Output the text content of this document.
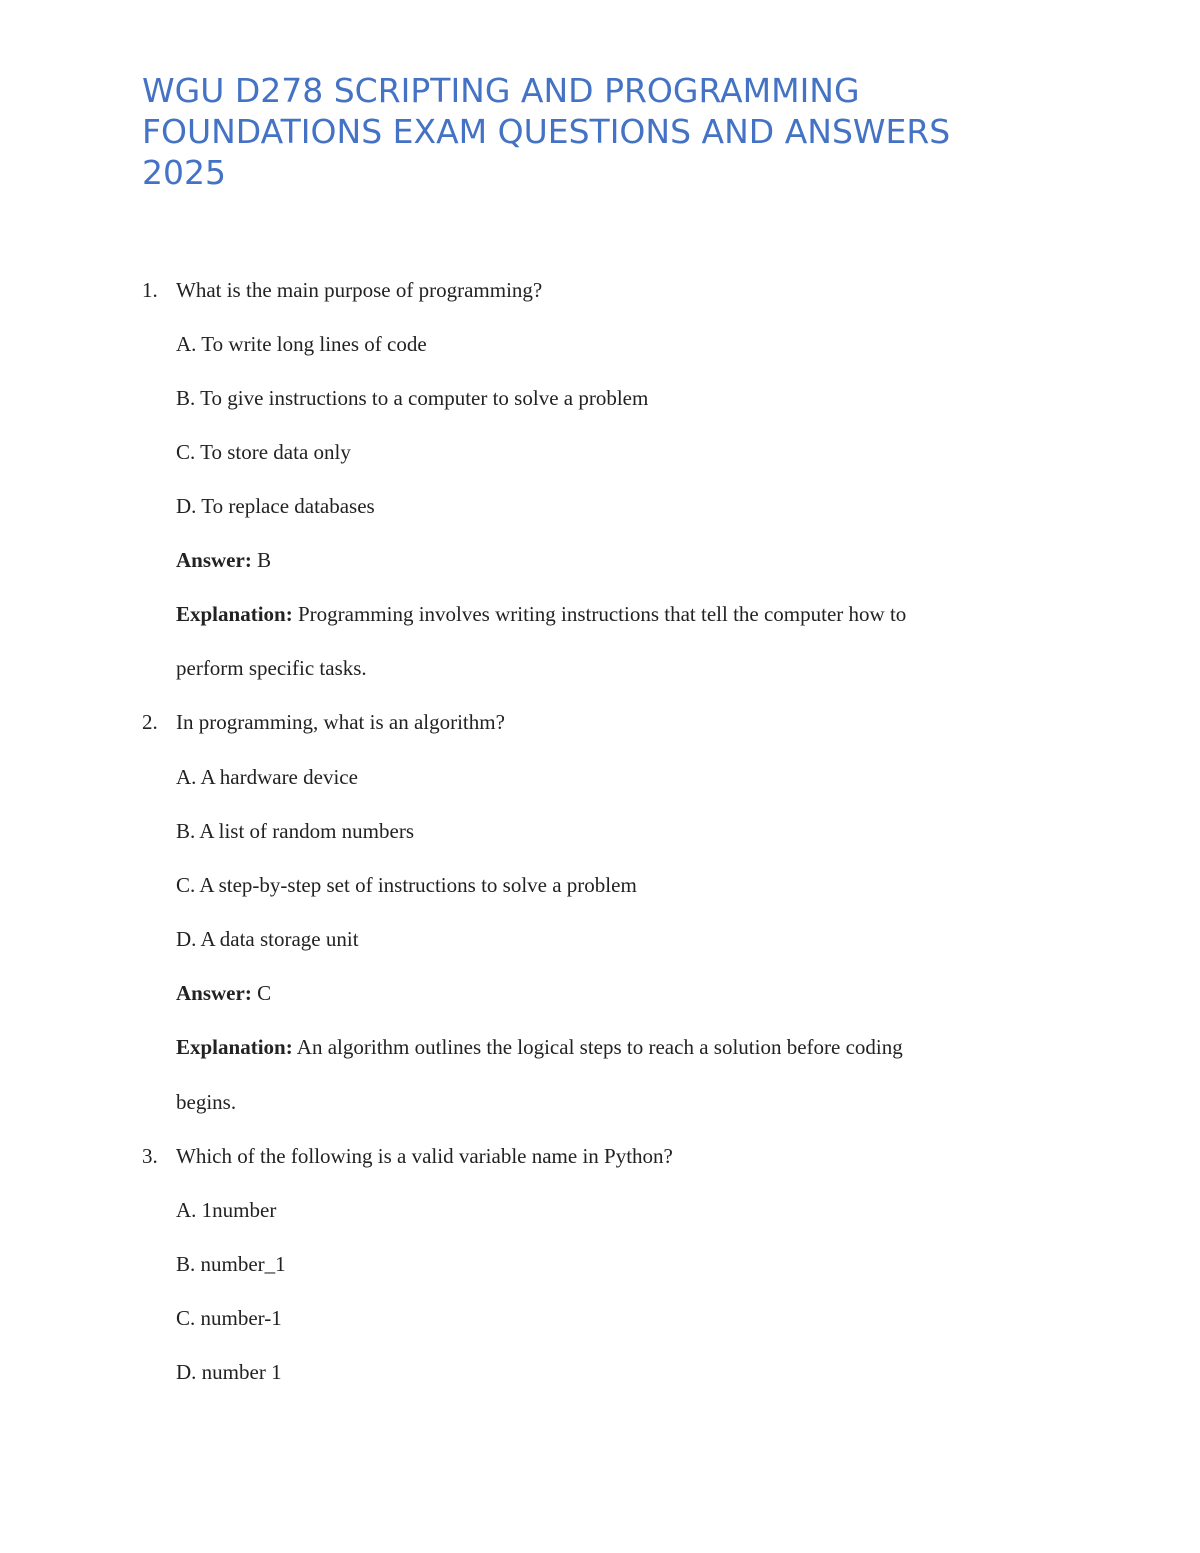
WGU D278 SCRIPTING AND PROGRAMMING
FOUNDATIONS EXAM QUESTIONS AND ANSWERS
2025
1. What is the main purpose of programming?
A. To write long lines of code
B. To give instructions to a computer to solve a problem
C. To store data only
D. To replace databases
Answer: B
Explanation: Programming involves writing instructions that tell the computer how to
perform specific tasks.
2. In programming, what is an algorithm?
A. A hardware device
B. A list of random numbers
C. A step-by-step set of instructions to solve a problem
D. A data storage unit
Answer: C
Explanation: An algorithm outlines the logical steps to reach a solution before coding
begins.
3. Which of the following is a valid variable name in Python?
A. 1number
B. number_1
C. number-1
D. number 1
